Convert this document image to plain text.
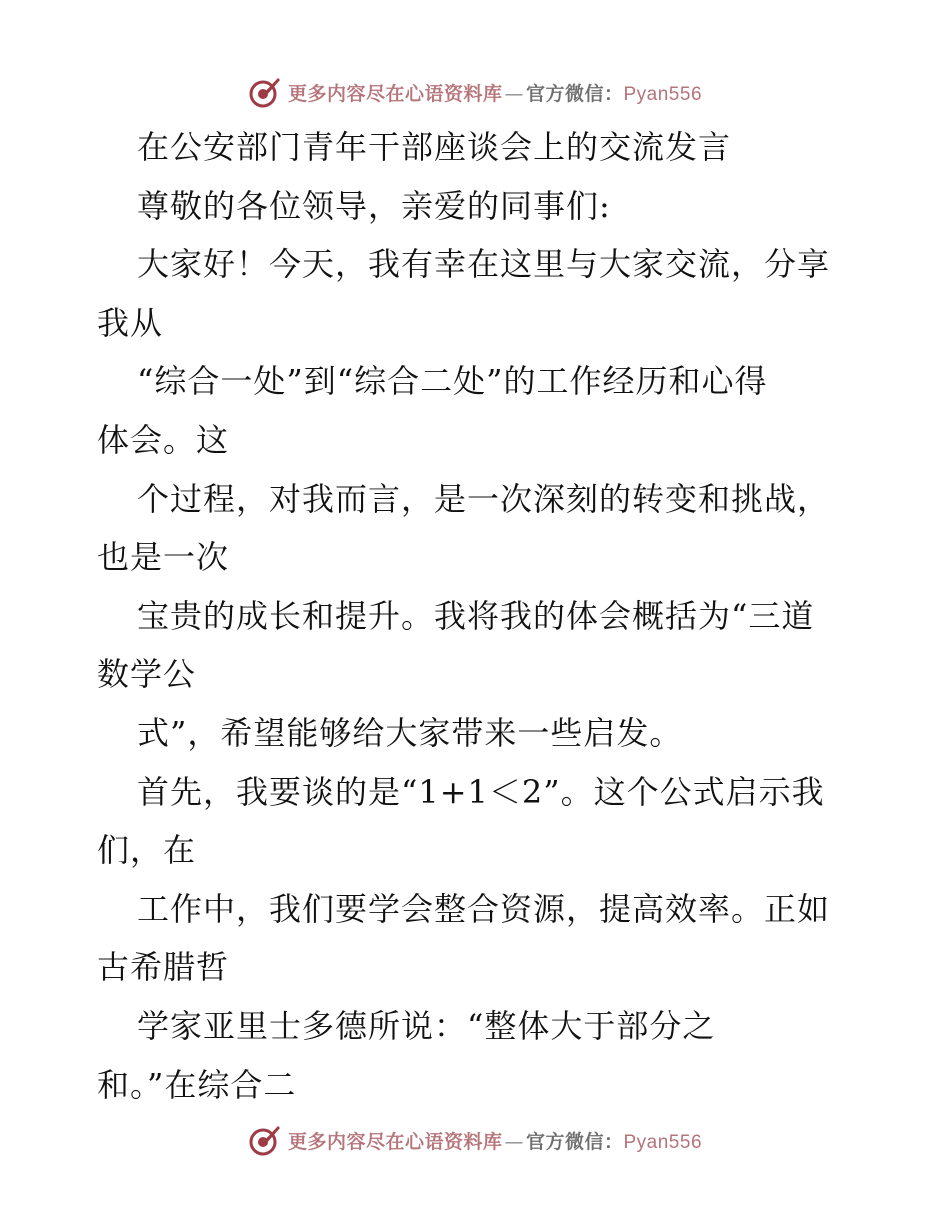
更多内容尽在心语资料库 — 官方微信：Pyan556
在公安部门青年干部座谈会上的交流发言
尊敬的各位领导，亲爱的同事们:
大家好！今天，我有幸在这里与大家交流，分享
我从
“综合一处”到“综合二处”的工作经历和心得
体会。这
个过程，对我而言，是一次深刻的转变和挑战，
也是一次
宝贵的成长和提升。我将我的体会概括为“三道
数学公
式”，希望能够给大家带来一些启发。
首先，我要谈的是“1+1＜2”。这个公式启示我
们，在
工作中，我们要学会整合资源，提高效率。正如
古希腊哲
学家亚里士多德所说：“整体大于部分之
和。”在综合二
更多内容尽在心语资料库 — 官方微信：Pyan556
